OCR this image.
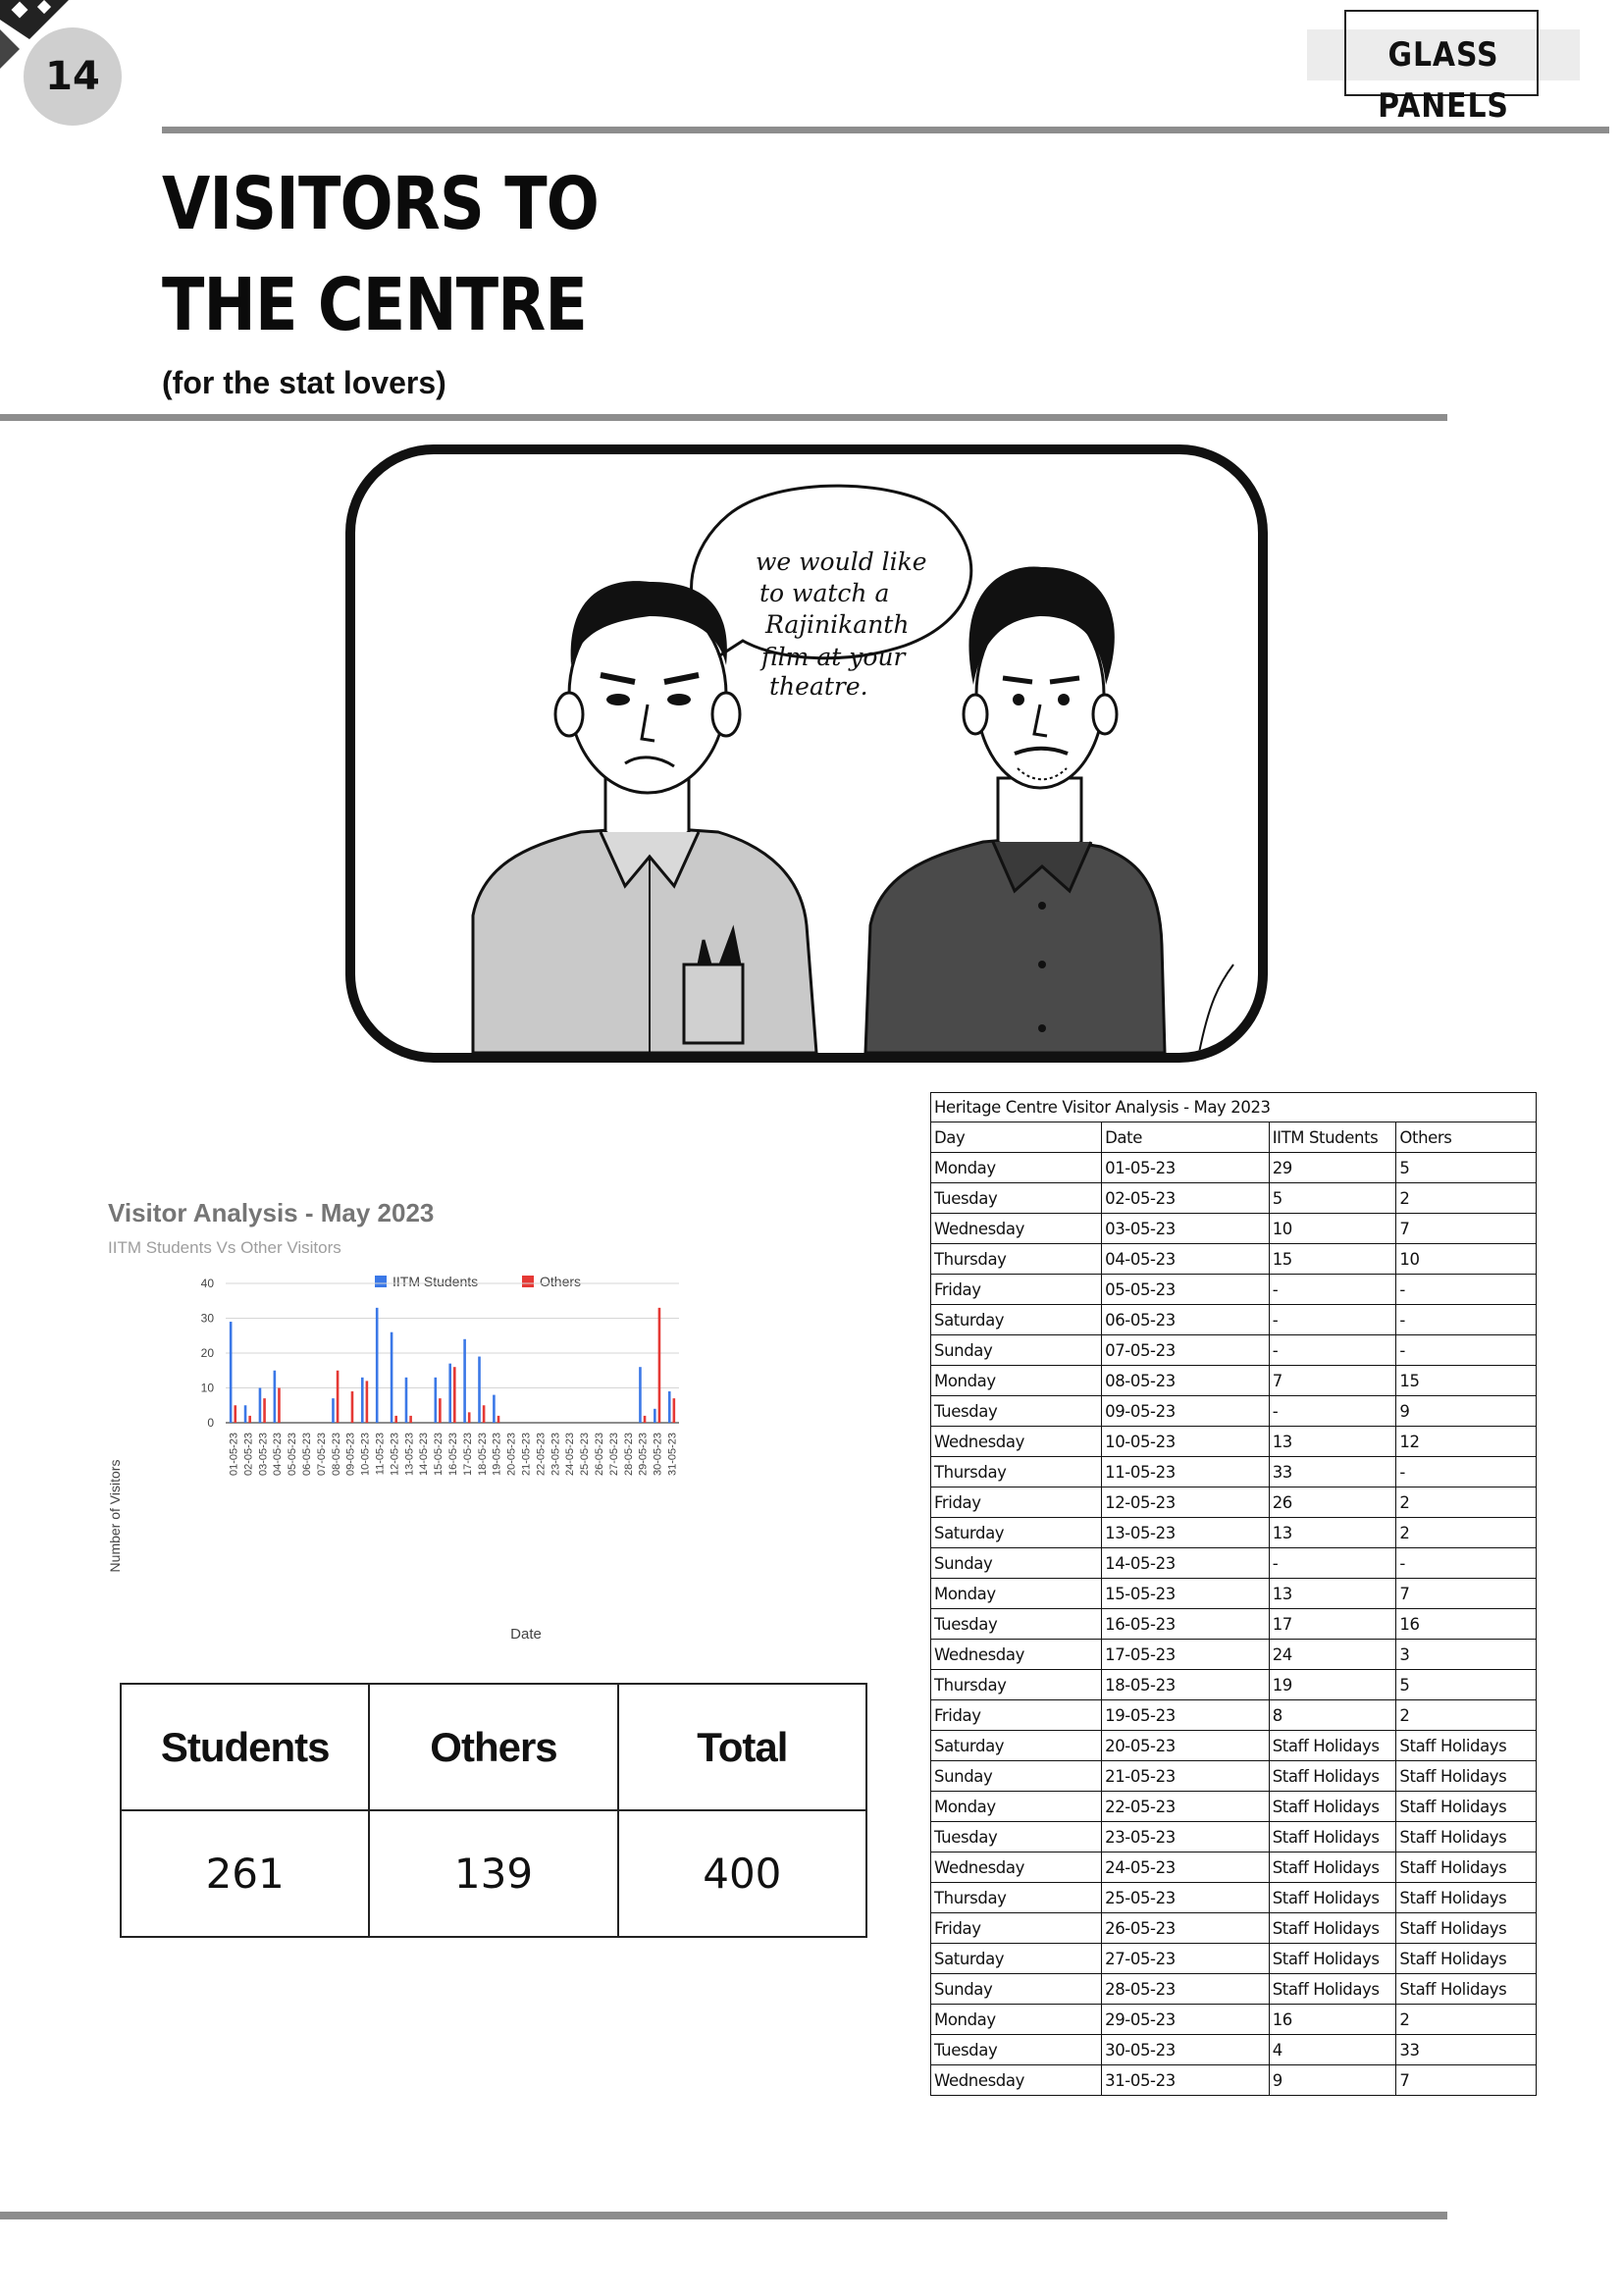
14	GLASS PANELS
VISITORS TO
THE CENTRE
(for the stat lovers)
we would like
to watch a
Rajinikanth
film at your
theatre.
Visitor Analysis - May 2023
IITM Students Vs Other Visitors
IITM Students	Others
0
10
20
30
40
01-05-23 02-05-23 03-05-23 04-05-23 05-05-23 06-05-23 07-05-23 08-05-23 09-05-23 10-05-23 11-05-23 12-05-23 13-05-23 14-05-23 15-05-23 16-05-23 17-05-23 18-05-23 19-05-23 20-05-23 21-05-23 22-05-23 23-05-23 24-05-23 25-05-23 26-05-23 27-05-23 28-05-23 29-05-23 30-05-23 31-05-23
Number of Visitors
Date
Students	Others	Total
261	139	400
Heritage Centre Visitor Analysis - May 2023			
Day	Date	IITM Students	Others
Monday	01-05-23	29	5
Tuesday	02-05-23	5	2
Wednesday	03-05-23	10	7
Thursday	04-05-23	15	10
Friday	05-05-23	-	-
Saturday	06-05-23	-	-
Sunday	07-05-23	-	-
Monday	08-05-23	7	15
Tuesday	09-05-23	-	9
Wednesday	10-05-23	13	12
Thursday	11-05-23	33	-
Friday	12-05-23	26	2
Saturday	13-05-23	13	2
Sunday	14-05-23	-	-
Monday	15-05-23	13	7
Tuesday	16-05-23	17	16
Wednesday	17-05-23	24	3
Thursday	18-05-23	19	5
Friday	19-05-23	8	2
Saturday	20-05-23	Staff Holidays	Staff Holidays
Sunday	21-05-23	Staff Holidays	Staff Holidays
Monday	22-05-23	Staff Holidays	Staff Holidays
Tuesday	23-05-23	Staff Holidays	Staff Holidays
Wednesday	24-05-23	Staff Holidays	Staff Holidays
Thursday	25-05-23	Staff Holidays	Staff Holidays
Friday	26-05-23	Staff Holidays	Staff Holidays
Saturday	27-05-23	Staff Holidays	Staff Holidays
Sunday	28-05-23	Staff Holidays	Staff Holidays
Monday	29-05-23	16	2
Tuesday	30-05-23	4	33
Wednesday	31-05-23	9	7
